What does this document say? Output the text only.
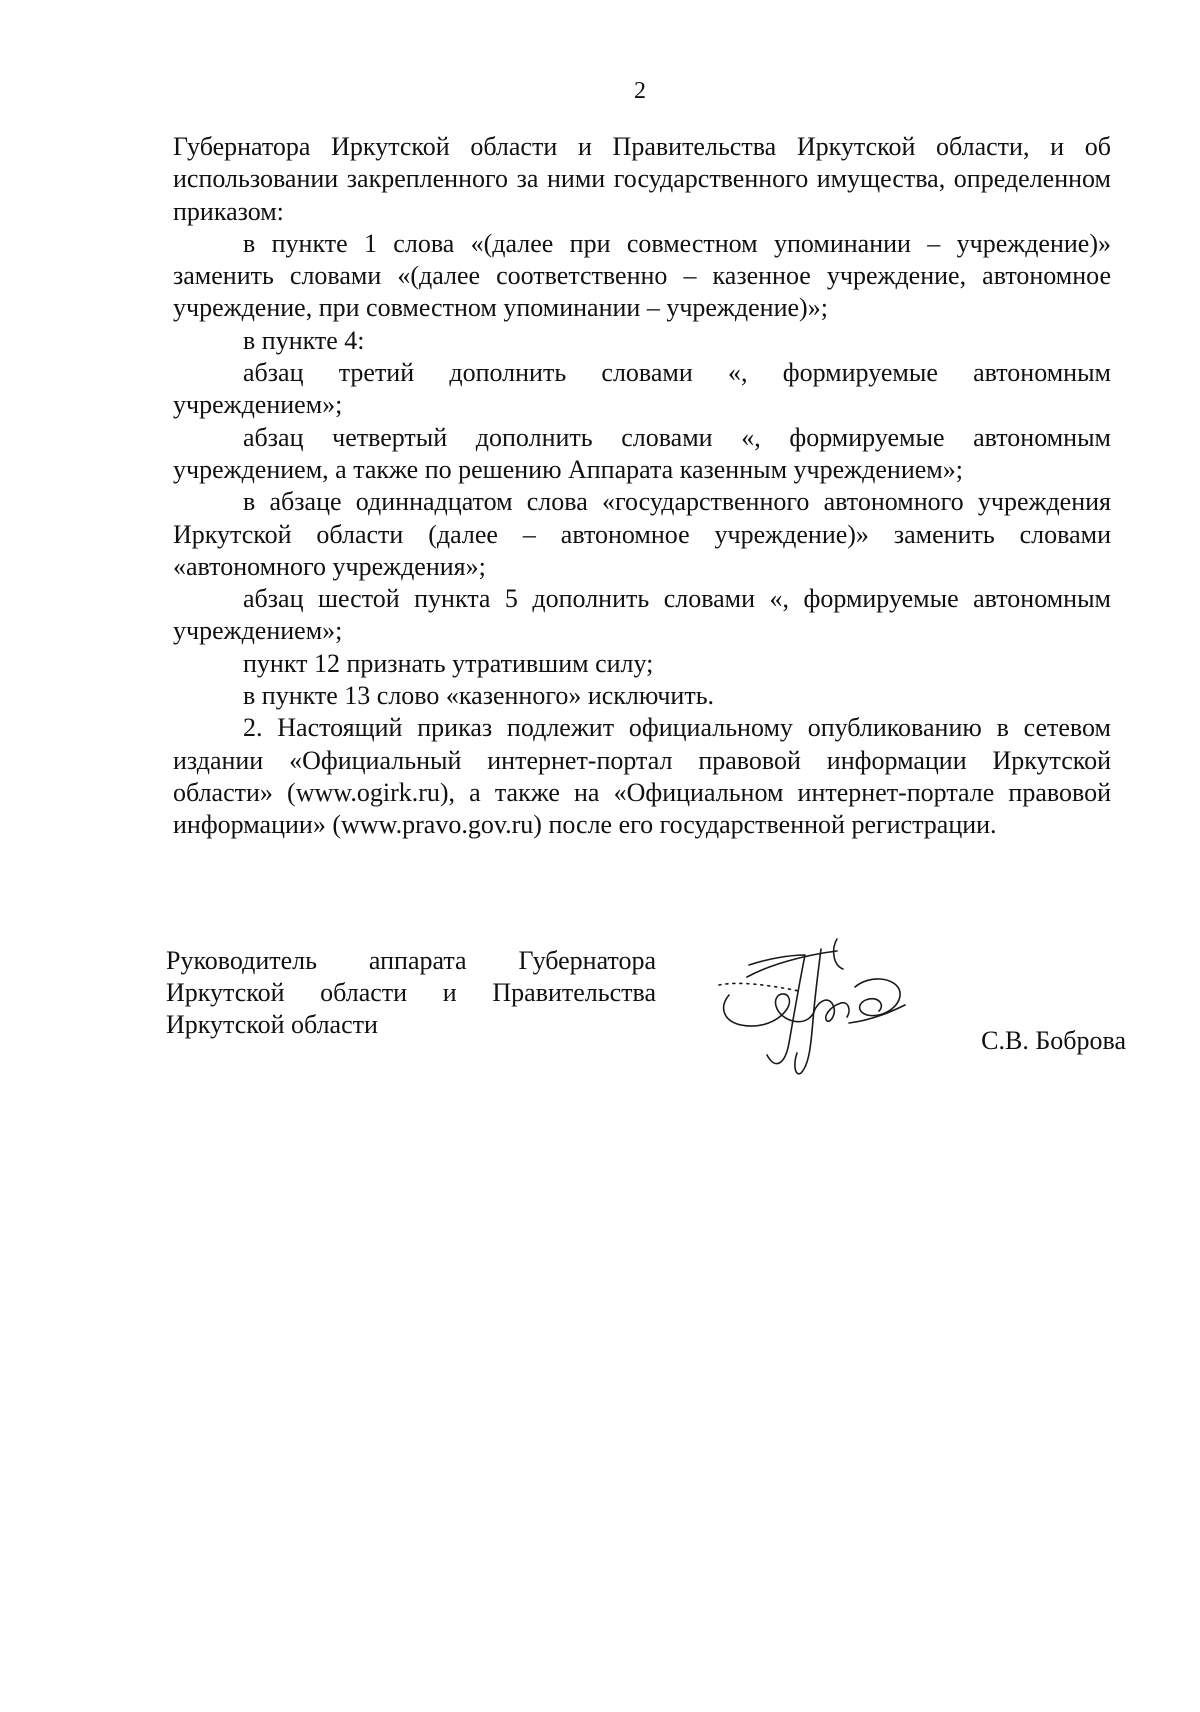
2

Губернатора Иркутской области и Правительства Иркутской области, и об использовании закрепленного за ними государственного имущества, определенном приказом:

в пункте 1 слова «(далее при совместном упоминании – учреждение)» заменить словами «(далее соответственно – казенное учреждение, автономное учреждение, при совместном упоминании – учреждение)»;

в пункте 4:

абзац третий дополнить словами «, формируемые автономным учреждением»;

абзац четвертый дополнить словами «, формируемые автономным учреждением, а также по решению Аппарата казенным учреждением»;

в абзаце одиннадцатом слова «государственного автономного учреждения Иркутской области (далее – автономное учреждение)» заменить словами «автономного учреждения»;

абзац шестой пункта 5 дополнить словами «, формируемые автономным учреждением»;

пункт 12 признать утратившим силу;

в пункте 13 слово «казенного» исключить.

2. Настоящий приказ подлежит официальному опубликованию в сетевом издании «Официальный интернет-портал правовой информации Иркутской области» (www.ogirk.ru), а также на «Официальном интернет-портале правовой информации» (www.pravo.gov.ru) после его государственной регистрации.

Руководитель аппарата Губернатора
Иркутской области и Правительства
Иркутской области
С.В. Боброва
